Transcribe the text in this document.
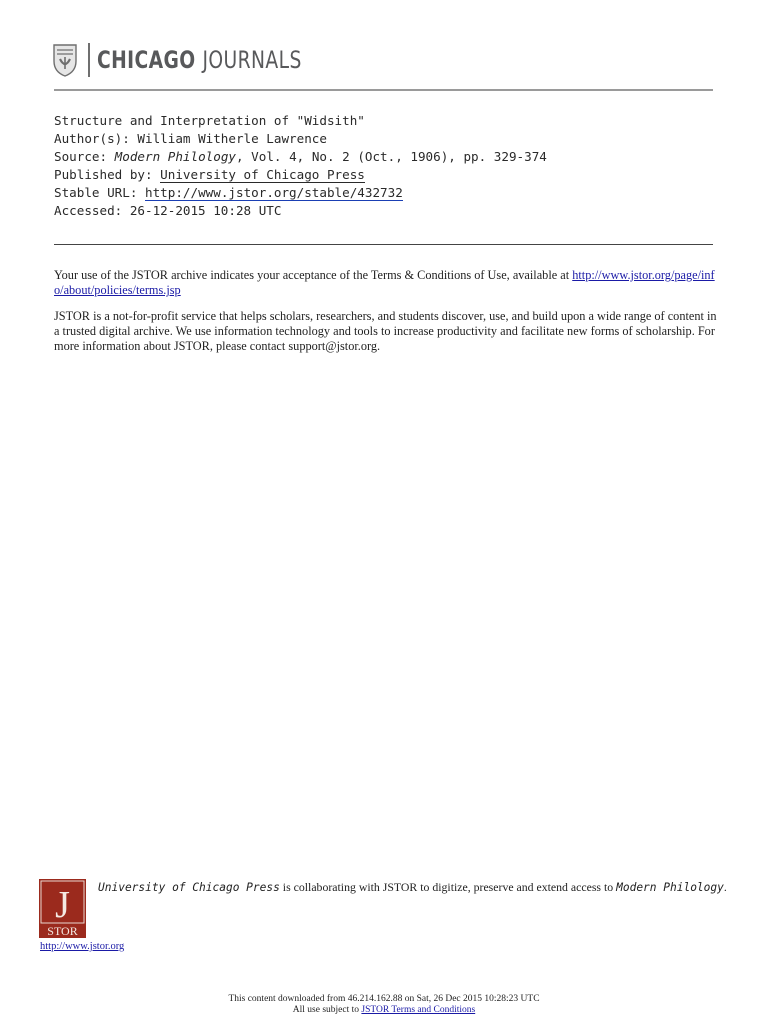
CHICAGO JOURNALS
Structure and Interpretation of "Widsith"
Author(s): William Witherle Lawrence
Source: Modern Philology, Vol. 4, No. 2 (Oct., 1906), pp. 329-374
Published by: University of Chicago Press
Stable URL: http://www.jstor.org/stable/432732
Accessed: 26-12-2015 10:28 UTC

Your use of the JSTOR archive indicates your acceptance of the Terms & Conditions of Use, available at http://www.jstor.org/page/info/about/policies/terms.jsp

JSTOR is a not-for-profit service that helps scholars, researchers, and students discover, use, and build upon a wide range of content in a trusted digital archive. We use information technology and tools to increase productivity and facilitate new forms of scholarship. For more information about JSTOR, please contact support@jstor.org.

J
STOR
http://www.jstor.org
University of Chicago Press is collaborating with JSTOR to digitize, preserve and extend access to Modern Philology.
This content downloaded from 46.214.162.88 on Sat, 26 Dec 2015 10:28:23 UTC
All use subject to JSTOR Terms and Conditions
